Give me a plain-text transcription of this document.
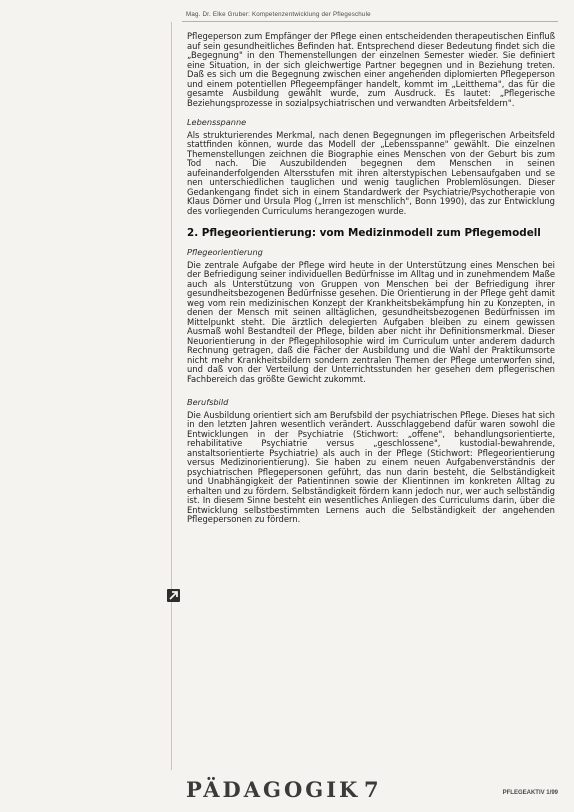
Mag. Dr. Elke Gruber: Kompetenzentwicklung der Pflegeschule

Pflegeperson zum Empfänger der Pflege einen entscheidenden therapeutischen Einfluß auf sein gesundheitliches Befinden hat. Entsprechend dieser Bedeutung findet sich die „Begegnung" in den Themenstellungen der einzelnen Semester wieder. Sie definiert eine Situation, in der sich gleichwertige Partner begegnen und in Beziehung treten. Daß es sich um die Begegnung zwischen einer angehenden diplomierten Pflegeperson und einem potentiellen Pflegeempfänger handelt, kommt im „Leitthema", das für die gesamte Ausbildung gewählt wurde, zum Ausdruck. Es lautet: „Pflegerische Beziehungsprozesse in sozialpsychiatrischen und verwandten Arbeitsfeldern".

Lebensspanne

Als strukturierendes Merkmal, nach denen Begegnungen im pflegerischen Arbeitsfeld stattfinden können, wurde das Modell der „Lebensspanne" gewählt. Die einzelnen Themenstellungen zeichnen die Biographie eines Menschen von der Geburt bis zum Tod nach. Die Auszubildenden begegnen dem Menschen in seinen aufeinanderfolgenden Altersstufen mit ihren alterstypischen Lebensaufgaben und se nen unterschiedlichen tauglichen und wenig tauglichen Problemlösungen. Dieser Gedankengang findet sich in einem Standardwerk der Psychiatrie/Psychotherapie von Klaus Dörner und Ursula Plog („Irren ist menschlich", Bonn 1990), das zur Entwicklung des vorliegenden Curriculums herangezogen wurde.

2. Pflegeorientierung: vom Medizinmodell zum Pflegemodell
Pflegeorientierung

Die zentrale Aufgabe der Pflege wird heute in der Unterstützung eines Menschen bei der Befriedigung seiner individuellen Bedürfnisse im Alltag und in zunehmendem Maße auch als Unterstützung von Gruppen von Menschen bei der Befriedigung ihrer gesundheitsbezogenen Bedürfnisse gesehen. Die Orientierung in der Pflege geht damit weg vom rein medizinischen Konzept der Krankheitsbekämpfung hin zu Konzepten, in denen der Mensch mit seinen alltäglichen, gesundheitsbezogenen Bedürfnissen im Mittelpunkt steht. Die ärztlich delegierten Aufgaben bleiben zu einem gewissen Ausmaß wohl Bestandteil der Pflege, bilden aber nicht ihr Definitionsmerkmal. Dieser Neuorientierung in der Pflegephilosophie wird im Curriculum unter anderem dadurch Rechnung getragen, daß die Fächer der Ausbildung und die Wahl der Praktikumsorte nicht mehr Krankheitsbildern sondern zentralen Themen der Pflege unterworfen sind, und daß von der Verteilung der Unterrichtsstunden her gesehen dem pflegerischen Fachbereich das größte Gewicht zukommt.

Berufsbild

Die Ausbildung orientiert sich am Berufsbild der psychiatrischen Pflege. Dieses hat sich in den letzten Jahren wesentlich verändert. Ausschlaggebend dafür waren sowohl die Entwicklungen in der Psychiatrie (Stichwort: „offene", behandlungsorientierte, rehabilitative Psychiatrie versus „geschlossene", kustodial-bewahrende, anstaltsorientierte Psychiatrie) als auch in der Pflege (Stichwort: Pflegeorientierung versus Medizinorientierung). Sie haben zu einem neuen Aufgabenverständnis der psychiatrischen Pflegepersonen geführt, das nun darin besteht, die Selbständigkeit und Unabhängigkeit der Patientinnen sowie der Klientinnen im konkreten Alltag zu erhalten und zu fördern. Selbständigkeit fördern kann jedoch nur, wer auch selbständig ist. In diesem Sinne besteht ein wesentliches Anliegen des Curriculums darin, über die Entwicklung selbstbestimmten Lernens auch die Selbständigkeit der angehenden Pflegepersonen zu fördern.

PÄDAGOGIK 7	PFLEGEAKTIV 1/99
